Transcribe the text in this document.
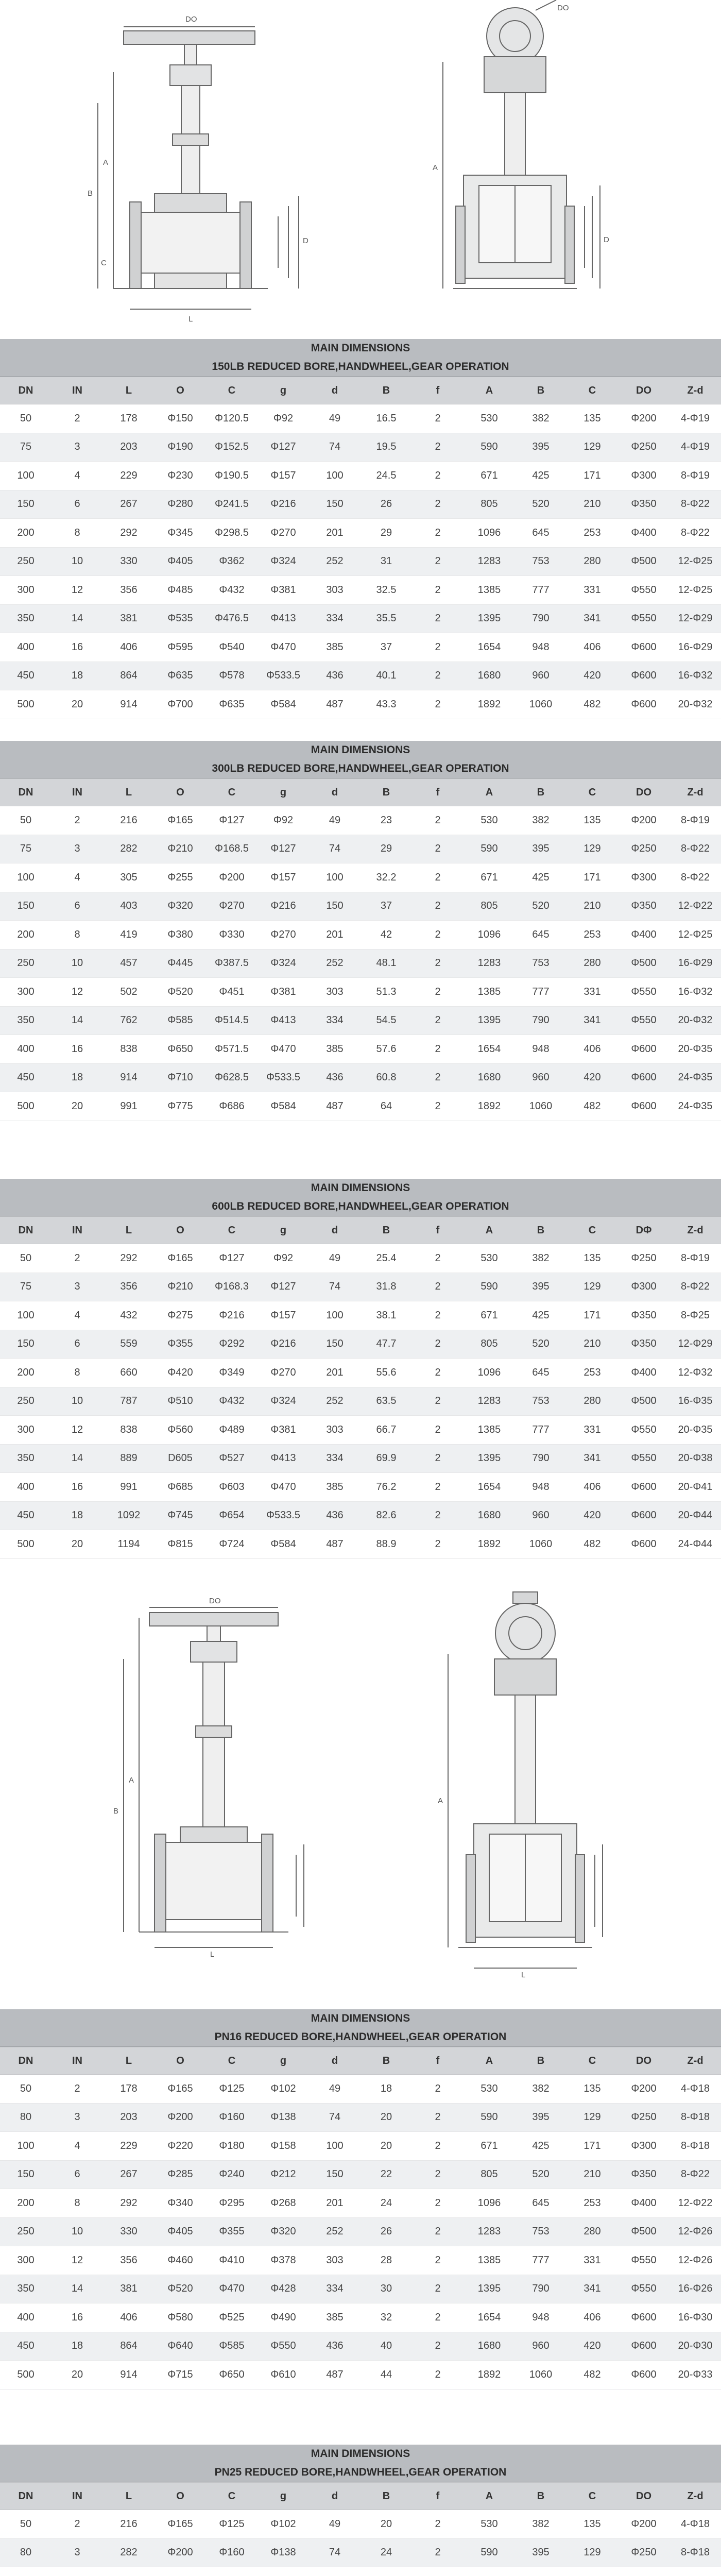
DO
A
B
C
L
D
DO
A
D
MAIN DIMENSIONS
150LB REDUCED BORE,HANDWHEEL,GEAR OPERATION
DN	IN	L	O	C	g	d	B	f	A	B	C	DO	Z-d
50	2	178	Φ150	Φ120.5	Φ92	49	16.5	2	530	382	135	Φ200	4-Φ19
75	3	203	Φ190	Φ152.5	Φ127	74	19.5	2	590	395	129	Φ250	4-Φ19
100	4	229	Φ230	Φ190.5	Φ157	100	24.5	2	671	425	171	Φ300	8-Φ19
150	6	267	Φ280	Φ241.5	Φ216	150	26	2	805	520	210	Φ350	8-Φ22
200	8	292	Φ345	Φ298.5	Φ270	201	29	2	1096	645	253	Φ400	8-Φ22
250	10	330	Φ405	Φ362	Φ324	252	31	2	1283	753	280	Φ500	12-Φ25
300	12	356	Φ485	Φ432	Φ381	303	32.5	2	1385	777	331	Φ550	12-Φ25
350	14	381	Φ535	Φ476.5	Φ413	334	35.5	2	1395	790	341	Φ550	12-Φ29
400	16	406	Φ595	Φ540	Φ470	385	37	2	1654	948	406	Φ600	16-Φ29
450	18	864	Φ635	Φ578	Φ533.5	436	40.1	2	1680	960	420	Φ600	16-Φ32
500	20	914	Φ700	Φ635	Φ584	487	43.3	2	1892	1060	482	Φ600	20-Φ32
MAIN DIMENSIONS
300LB REDUCED BORE,HANDWHEEL,GEAR OPERATION
DN	IN	L	O	C	g	d	B	f	A	B	C	DO	Z-d
50	2	216	Φ165	Φ127	Φ92	49	23	2	530	382	135	Φ200	8-Φ19
75	3	282	Φ210	Φ168.5	Φ127	74	29	2	590	395	129	Φ250	8-Φ22
100	4	305	Φ255	Φ200	Φ157	100	32.2	2	671	425	171	Φ300	8-Φ22
150	6	403	Φ320	Φ270	Φ216	150	37	2	805	520	210	Φ350	12-Φ22
200	8	419	Φ380	Φ330	Φ270	201	42	2	1096	645	253	Φ400	12-Φ25
250	10	457	Φ445	Φ387.5	Φ324	252	48.1	2	1283	753	280	Φ500	16-Φ29
300	12	502	Φ520	Φ451	Φ381	303	51.3	2	1385	777	331	Φ550	16-Φ32
350	14	762	Φ585	Φ514.5	Φ413	334	54.5	2	1395	790	341	Φ550	20-Φ32
400	16	838	Φ650	Φ571.5	Φ470	385	57.6	2	1654	948	406	Φ600	20-Φ35
450	18	914	Φ710	Φ628.5	Φ533.5	436	60.8	2	1680	960	420	Φ600	24-Φ35
500	20	991	Φ775	Φ686	Φ584	487	64	2	1892	1060	482	Φ600	24-Φ35
MAIN DIMENSIONS
600LB REDUCED BORE,HANDWHEEL,GEAR OPERATION
DN	IN	L	O	C	g	d	B	f	A	B	C	DΦ	Z-d
50	2	292	Φ165	Φ127	Φ92	49	25.4	2	530	382	135	Φ250	8-Φ19
75	3	356	Φ210	Φ168.3	Φ127	74	31.8	2	590	395	129	Φ300	8-Φ22
100	4	432	Φ275	Φ216	Φ157	100	38.1	2	671	425	171	Φ350	8-Φ25
150	6	559	Φ355	Φ292	Φ216	150	47.7	2	805	520	210	Φ350	12-Φ29
200	8	660	Φ420	Φ349	Φ270	201	55.6	2	1096	645	253	Φ400	12-Φ32
250	10	787	Φ510	Φ432	Φ324	252	63.5	2	1283	753	280	Φ500	16-Φ35
300	12	838	Φ560	Φ489	Φ381	303	66.7	2	1385	777	331	Φ550	20-Φ35
350	14	889	D605	Φ527	Φ413	334	69.9	2	1395	790	341	Φ550	20-Φ38
400	16	991	Φ685	Φ603	Φ470	385	76.2	2	1654	948	406	Φ600	20-Φ41
450	18	1092	Φ745	Φ654	Φ533.5	436	82.6	2	1680	960	420	Φ600	20-Φ44
500	20	1194	Φ815	Φ724	Φ584	487	88.9	2	1892	1060	482	Φ600	24-Φ44
DO
A
B
L
A
L
MAIN DIMENSIONS
PN16 REDUCED BORE,HANDWHEEL,GEAR OPERATION
DN	IN	L	O	C	g	d	B	f	A	B	C	DO	Z-d
50	2	178	Φ165	Φ125	Φ102	49	18	2	530	382	135	Φ200	4-Φ18
80	3	203	Φ200	Φ160	Φ138	74	20	2	590	395	129	Φ250	8-Φ18
100	4	229	Φ220	Φ180	Φ158	100	20	2	671	425	171	Φ300	8-Φ18
150	6	267	Φ285	Φ240	Φ212	150	22	2	805	520	210	Φ350	8-Φ22
200	8	292	Φ340	Φ295	Φ268	201	24	2	1096	645	253	Φ400	12-Φ22
250	10	330	Φ405	Φ355	Φ320	252	26	2	1283	753	280	Φ500	12-Φ26
300	12	356	Φ460	Φ410	Φ378	303	28	2	1385	777	331	Φ550	12-Φ26
350	14	381	Φ520	Φ470	Φ428	334	30	2	1395	790	341	Φ550	16-Φ26
400	16	406	Φ580	Φ525	Φ490	385	32	2	1654	948	406	Φ600	16-Φ30
450	18	864	Φ640	Φ585	Φ550	436	40	2	1680	960	420	Φ600	20-Φ30
500	20	914	Φ715	Φ650	Φ610	487	44	2	1892	1060	482	Φ600	20-Φ33
MAIN DIMENSIONS
PN25 REDUCED BORE,HANDWHEEL,GEAR OPERATION
DN	IN	L	O	C	g	d	B	f	A	B	C	DO	Z-d
50	2	216	Φ165	Φ125	Φ102	49	20	2	530	382	135	Φ200	4-Φ18
80	3	282	Φ200	Φ160	Φ138	74	24	2	590	395	129	Φ250	8-Φ18
